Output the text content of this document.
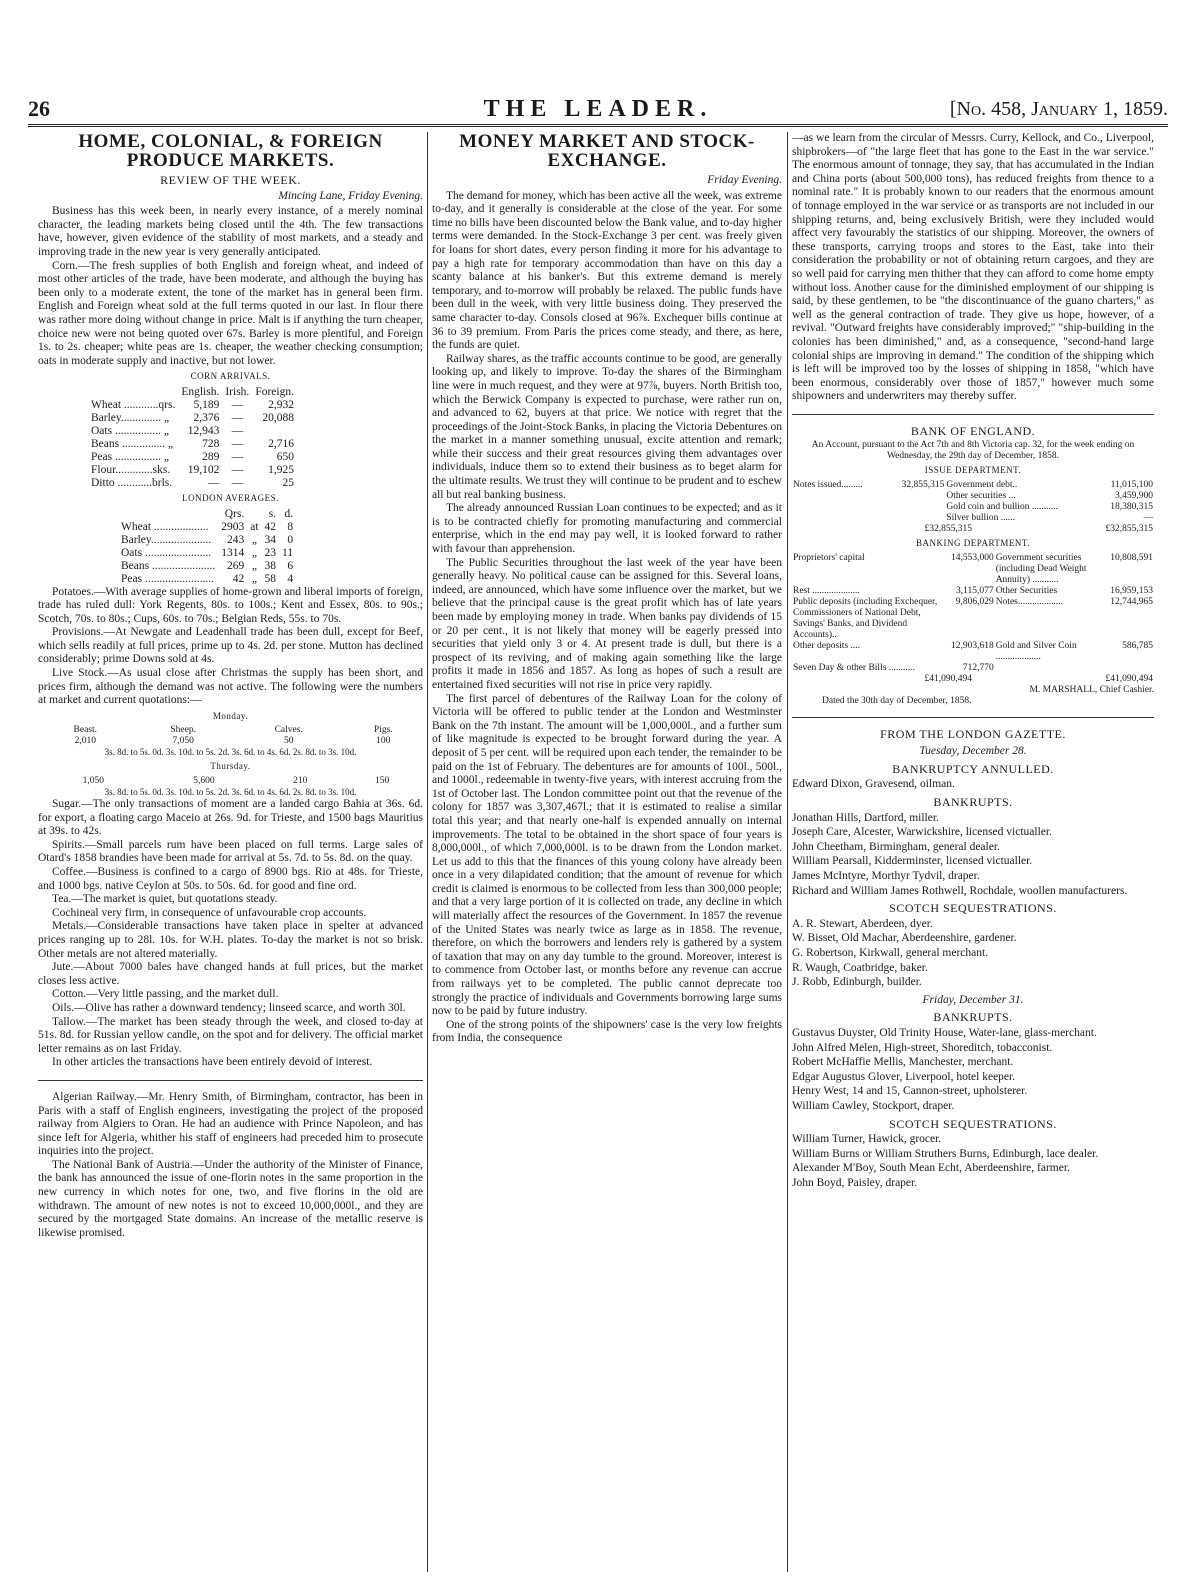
26	THE LEADER.	[No. 458, January 1, 1859.
HOME, COLONIAL, & FOREIGN PRODUCE MARKETS.
REVIEW OF THE WEEK.
Mincing Lane, Friday Evening.

Business has this week been, in nearly every instance, of a merely nominal character, the leading markets being closed until the 4th. The few transactions have, however, given evidence of the stability of most markets, and a steady and improving trade in the new year is very generally anticipated.

Corn.—The fresh supplies of both English and foreign wheat, and indeed of most other articles of the trade, have been moderate, and although the buying has been only to a moderate extent, the tone of the market has in general been firm. English and Foreign wheat sold at the full terms quoted in our last. In flour there was rather more doing without change in price. Malt is if anything the turn cheaper, choice new were not being quoted over 67s. Barley is more plentiful, and Foreign 1s. to 2s. cheaper; white peas are 1s. cheaper, the weather checking consumption; oats in moderate supply and inactive, but not lower.

CORN ARRIVALS.
	English.	Irish.	Foreign.
Wheat ............qrs.	5,189	—	2,932
Barley.............. „	2,376	—	20,088
Oats ................ „	12,943	—	
Beans ............... „	728	—	2,716
Peas ................ „	289	—	650
Flour.............sks.	19,102	—	1,925
Ditto ............brls.	—	—	25
LONDON AVERAGES.
	Qrs.		s.	d.
Wheat ...................	2903	at	42	8
Barley.....................	243	„	34	0
Oats .......................	1314	„	23	11
Beans ......................	269	„	38	6
Peas ........................	42	„	58	4

Potatoes.—With average supplies of home-grown and liberal imports of foreign, trade has ruled dull: York Regents, 80s. to 100s.; Kent and Essex, 80s. to 90s.; Scotch, 70s. to 80s.; Cups, 60s. to 70s.; Belgian Reds, 55s. to 70s.

Provisions.—At Newgate and Leadenhall trade has been dull, except for Beef, which sells readily at full prices, prime up to 4s. 2d. per stone. Mutton has declined considerably; prime Downs sold at 4s.

Live Stock.—As usual close after Christmas the supply has been short, and prices firm, although the demand was not active. The following were the numbers at market and current quotations:—

Monday.
Beast.	Sheep.	Calves.	Pigs.
2,010	7,050	50	100
3s. 8d. to 5s. 0d. 3s. 10d. to 5s. 2d. 3s. 6d. to 4s. 6d. 2s. 8d. to 3s. 10d.
Thursday.
1,050	5,600	210	150
3s. 8d. to 5s. 0d. 3s. 10d. to 5s. 2d. 3s. 6d. to 4s. 6d. 2s. 8d. to 3s. 10d.

Sugar.—The only transactions of moment are a landed cargo Bahia at 36s. 6d. for export, a floating cargo Maceio at 26s. 9d. for Trieste, and 1500 bags Mauritius at 39s. to 42s.

Spirits.—Small parcels rum have been placed on full terms. Large sales of Otard's 1858 brandies have been made for arrival at 5s. 7d. to 5s. 8d. on the quay.

Coffee.—Business is confined to a cargo of 8900 bgs. Rio at 48s. for Trieste, and 1000 bgs. native Ceylon at 50s. to 50s. 6d. for good and fine ord.

Tea.—The market is quiet, but quotations steady.

Cochineal very firm, in consequence of unfavourable crop accounts.

Metals.—Considerable transactions have taken place in spelter at advanced prices ranging up to 28l. 10s. for W.H. plates. To-day the market is not so brisk. Other metals are not altered materially.

Jute.—About 7000 bales have changed hands at full prices, but the market closes less active.

Cotton.—Very little passing, and the market dull.

Oils.—Olive has rather a downward tendency; linseed scarce, and worth 30l.

Tallow.—The market has been steady through the week, and closed to-day at 51s. 8d. for Russian yellow candle, on the spot and for delivery. The official market letter remains as on last Friday.

In other articles the transactions have been entirely devoid of interest.

Algerian Railway.—Mr. Henry Smith, of Birmingham, contractor, has been in Paris with a staff of English engineers, investigating the project of the proposed railway from Algiers to Oran. He had an audience with Prince Napoleon, and has since left for Algeria, whither his staff of engineers had preceded him to prosecute inquiries into the project.

The National Bank of Austria.—Under the authority of the Minister of Finance, the bank has announced the issue of one-florin notes in the same proportion in the new currency in which notes for one, two, and five florins in the old are withdrawn. The amount of new notes is not to exceed 10,000,000l., and they are secured by the mortgaged State domains. An increase of the metallic reserve is likewise promised.

MONEY MARKET AND STOCK-EXCHANGE.
Friday Evening.

The demand for money, which has been active all the week, was extreme to-day, and it generally is considerable at the close of the year. For some time no bills have been discounted below the Bank value, and to-day higher terms were demanded. In the Stock-Exchange 3 per cent. was freely given for loans for short dates, every person finding it more for his advantage to pay a high rate for temporary accommodation than have on this day a scanty balance at his banker's. But this extreme demand is merely temporary, and to-morrow will probably be relaxed. The public funds have been dull in the week, with very little business doing. They preserved the same character to-day. Consols closed at 96⅞. Exchequer bills continue at 36 to 39 premium. From Paris the prices come steady, and there, as here, the funds are quiet.

Railway shares, as the traffic accounts continue to be good, are generally looking up, and likely to improve. To-day the shares of the Birmingham line were in much request, and they were at 97⅞, buyers. North British too, which the Berwick Company is expected to purchase, were rather run on, and advanced to 62, buyers at that price. We notice with regret that the proceedings of the Joint-Stock Banks, in placing the Victoria Debentures on the market in a manner something unusual, excite attention and remark; while their success and their great resources giving them advantages over individuals, induce them so to extend their business as to beget alarm for the ultimate results. We trust they will continue to be prudent and to eschew all but real banking business.

The already announced Russian Loan continues to be expected; and as it is to be contracted chiefly for promoting manufacturing and commercial enterprise, which in the end may pay well, it is looked forward to rather with favour than apprehension.

The Public Securities throughout the last week of the year have been generally heavy. No political cause can be assigned for this. Several loans, indeed, are announced, which have some influence over the market, but we believe that the principal cause is the great profit which has of late years been made by employing money in trade. When banks pay dividends of 15 or 20 per cent., it is not likely that money will be eagerly pressed into securities that yield only 3 or 4. At present trade is dull, but there is a prospect of its reviving, and of making again something like the large profits it made in 1856 and 1857. As long as hopes of such a result are entertained fixed securities will not rise in price very rapidly.

The first parcel of debentures of the Railway Loan for the colony of Victoria will be offered to public tender at the London and Westminster Bank on the 7th instant. The amount will be 1,000,000l., and a further sum of like magnitude is expected to be brought forward during the year. A deposit of 5 per cent. will be required upon each tender, the remainder to be paid on the 1st of February. The debentures are for amounts of 100l., 500l., and 1000l., redeemable in twenty-five years, with interest accruing from the 1st of October last. The London committee point out that the revenue of the colony for 1857 was 3,307,467l.; that it is estimated to realise a similar total this year; and that nearly one-half is expended annually on internal improvements. The total to be obtained in the short space of four years is 8,000,000l., of which 7,000,000l. is to be drawn from the London market. Let us add to this that the finances of this young colony have already been once in a very dilapidated condition; that the amount of revenue for which credit is claimed is enormous to be collected from less than 300,000 people; and that a very large portion of it is collected on trade, any decline in which will materially affect the resources of the Government. In 1857 the revenue of the United States was nearly twice as large as in 1858. The revenue, therefore, on which the borrowers and lenders rely is gathered by a system of taxation that may on any day tumble to the ground. Moreover, interest is to commence from October last, or months before any revenue can accrue from railways yet to be completed. The public cannot deprecate too strongly the practice of individuals and Governments borrowing large sums now to be paid by future industry.

One of the strong points of the shipowners' case is the very low freights from India, the consequence

—as we learn from the circular of Messrs. Curry, Kellock, and Co., Liverpool, shipbrokers—of "the large fleet that has gone to the East in the war service." The enormous amount of tonnage, they say, that has accumulated in the Indian and China ports (about 500,000 tons), has reduced freights from thence to a nominal rate." It is probably known to our readers that the enormous amount of tonnage employed in the war service or as transports are not included in our shipping returns, and, being exclusively British, were they included would affect very favourably the statistics of our shipping. Moreover, the owners of these transports, carrying troops and stores to the East, take into their consideration the probability or not of obtaining return cargoes, and they are so well paid for carrying men thither that they can afford to come home empty without loss. Another cause for the diminished employment of our shipping is said, by these gentlemen, to be "the discontinuance of the guano charters," as well as the general contraction of trade. They give us hope, however, of a revival. "Outward freights have considerably improved;" "ship-building in the colonies has been diminished," and, as a consequence, "second-hand large colonial ships are improving in demand." The condition of the shipping which is left will be improved too by the losses of shipping in 1858, "which have been enormous, considerably over those of 1857," however much some shipowners and underwriters may thereby suffer.

BANK OF ENGLAND.
An Account, pursuant to the Act 7th and 8th Victoria cap. 32, for the week ending on Wednesday, the 29th day of December, 1858.
ISSUE DEPARTMENT.
Notes issued.........	32,855,315	Government debt..	11,015,100
		Other securities ...	3,459,900
		Gold coin and bullion ...........	18,380,315
		Silver bullion ......	—
£32,855,315	£32,855,315
BANKING DEPARTMENT.
Proprietors' capital	14,553,000	Government securities (including Dead Weight Annuity) ...........	10,808,591
Rest ....................	3,115,077	Other Securities	16,959,153
Public deposits (including Exchequer, Commissioners of National Debt, Savings' Banks, and Dividend Accounts)..	9,806,029	Notes...................	12,744,965
Other deposits ....	12,903,618	Gold and Silver Coin ...................	586,785
Seven Day & other Bills ...........	712,770		
£41,090,494	£41,090,494
M. MARSHALL, Chief Cashier.
Dated the 30th day of December, 1858.
FROM THE LONDON GAZETTE.
Tuesday, December 28.
BANKRUPTCY ANNULLED.
Edward Dixon, Gravesend, oilman.
BANKRUPTS.
Jonathan Hills, Dartford, miller.
Joseph Care, Alcester, Warwickshire, licensed victualler.
John Cheetham, Birmingham, general dealer.
William Pearsall, Kidderminster, licensed victualler.
James McIntyre, Morthyr Tydvil, draper.
Richard and William James Rothwell, Rochdale, woollen manufacturers.
SCOTCH SEQUESTRATIONS.
A. R. Stewart, Aberdeen, dyer.
W. Bisset, Old Machar, Aberdeenshire, gardener.
G. Robertson, Kirkwall, general merchant.
R. Waugh, Coatbridge, baker.
J. Robb, Edinburgh, builder.
Friday, December 31.
BANKRUPTS.
Gustavus Duyster, Old Trinity House, Water-lane, glass-merchant.
John Alfred Melen, High-street, Shoreditch, tobacconist.
Robert McHaffie Mellis, Manchester, merchant.
Edgar Augustus Glover, Liverpool, hotel keeper.
Henry West, 14 and 15, Cannon-street, upholsterer.
William Cawley, Stockport, draper.
SCOTCH SEQUESTRATIONS.
William Turner, Hawick, grocer.
William Burns or William Struthers Burns, Edinburgh, lace dealer.
Alexander M'Boy, South Mean Echt, Aberdeenshire, farmer.
John Boyd, Paisley, draper.
